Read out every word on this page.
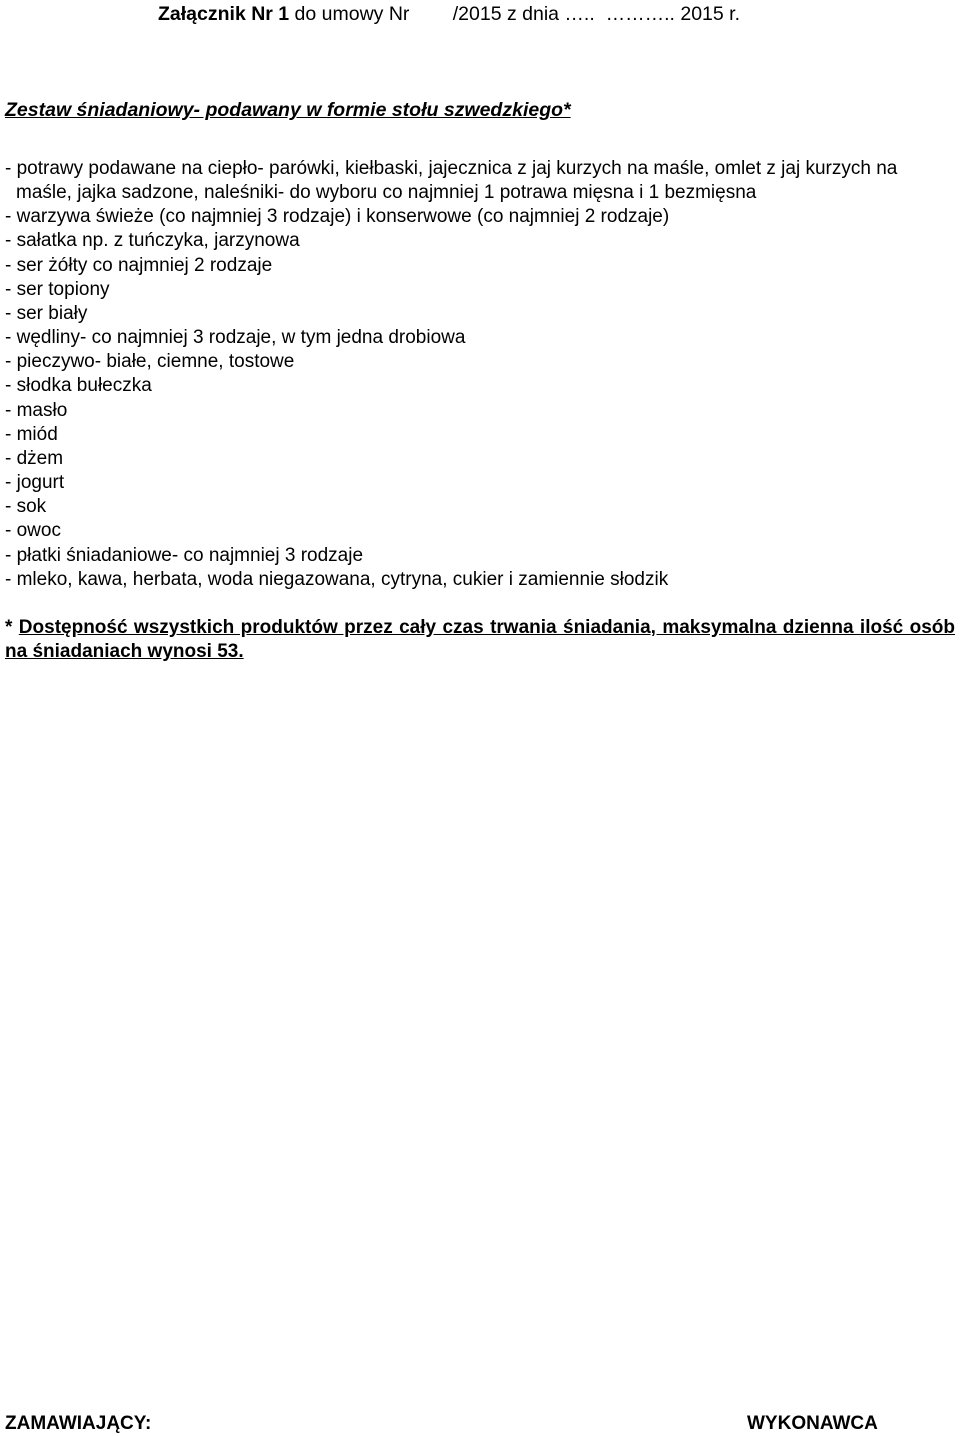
Załącznik Nr 1 do umowy Nr        /2015 z dnia …..  ……….. 2015 r.
Zestaw śniadaniowy- podawany w formie stołu szwedzkiego*
- potrawy podawane na ciepło- parówki, kiełbaski, jajecznica z jaj kurzych na maśle, omlet z jaj kurzych na maśle, jajka sadzone, naleśniki- do wyboru co najmniej 1 potrawa mięsna i 1 bezmięsna
- warzywa świeże (co najmniej 3 rodzaje) i konserwowe (co najmniej 2 rodzaje)
- sałatka np. z tuńczyka, jarzynowa
- ser żółty co najmniej 2 rodzaje
- ser topiony
- ser biały
- wędliny- co najmniej 3 rodzaje, w tym jedna drobiowa
- pieczywo- białe, ciemne, tostowe
- słodka bułeczka
- masło
- miód
- dżem
- jogurt
- sok
- owoc
- płatki śniadaniowe- co najmniej 3 rodzaje
- mleko, kawa, herbata, woda niegazowana, cytryna, cukier i zamiennie słodzik
* Dostępność wszystkich produktów przez cały czas trwania śniadania, maksymalna dzienna ilość osób na śniadaniach wynosi 53.
ZAMAWIAJĄCY:	WYKONAWCA
